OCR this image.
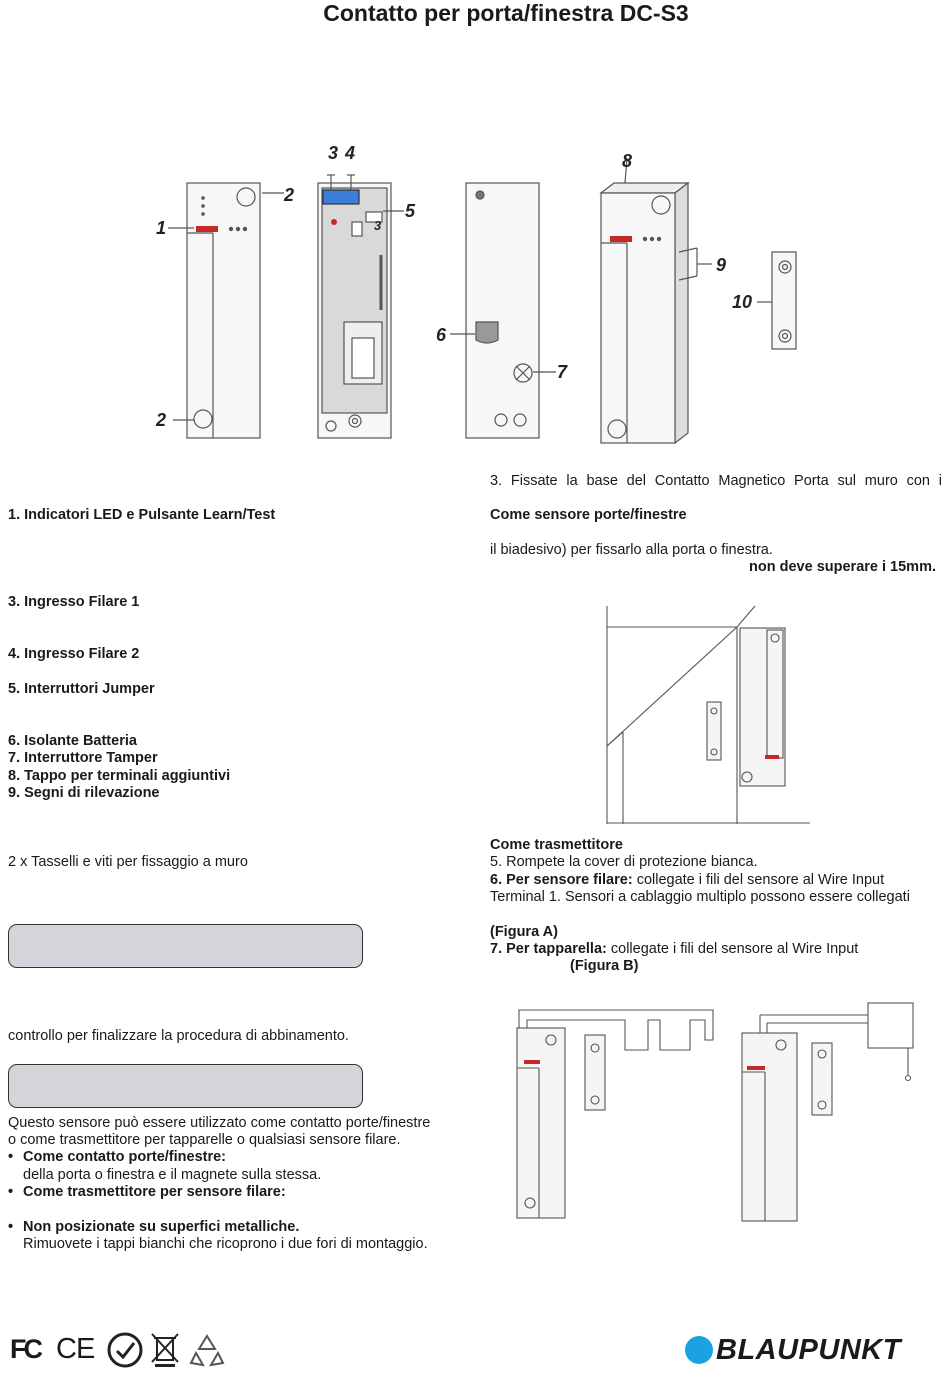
Contatto per porta/finestra DC-S3
1
2
2
3 4
5
3
6
7
8
9
10
1. Indicatori LED e Pulsante Learn/Test
3. Ingresso Filare 1
4. Ingresso Filare 2
5. Interruttori Jumper
6. Isolante Batteria
7. Interruttore Tamper
8. Tappo per terminali aggiuntivi
9. Segni di rilevazione
2 x Tasselli e viti per fissaggio a muro
controllo per finalizzare la procedura di abbinamento.
Questo sensore può essere utilizzato come contatto porte/finestre
o come trasmettitore per tapparelle o qualsiasi sensore filare.
• Come contatto porte/finestre:
della porta o finestra e il magnete sulla stessa.
• Come trasmettitore per sensore filare:
• Non posizionate su superfici metalliche.
Rimuovete i tappi bianchi che ricoprono i due fori di montaggio.
3. Fissate la base del Contatto Magnetico Porta sul muro con i
Come sensore porte/finestre
il biadesivo) per fissarlo alla porta o finestra.
non deve superare i 15mm.
Come trasmettitore
5. Rompete la cover di protezione bianca.
6. Per sensore filare: collegate i fili del sensore al Wire Input
Terminal 1. Sensori a cablaggio multiplo possono essere collegati
(Figura A)
7. Per tapparella: collegate i fili del sensore al Wire Input
(Figura B)
FC CE	BLAUPUNKT
